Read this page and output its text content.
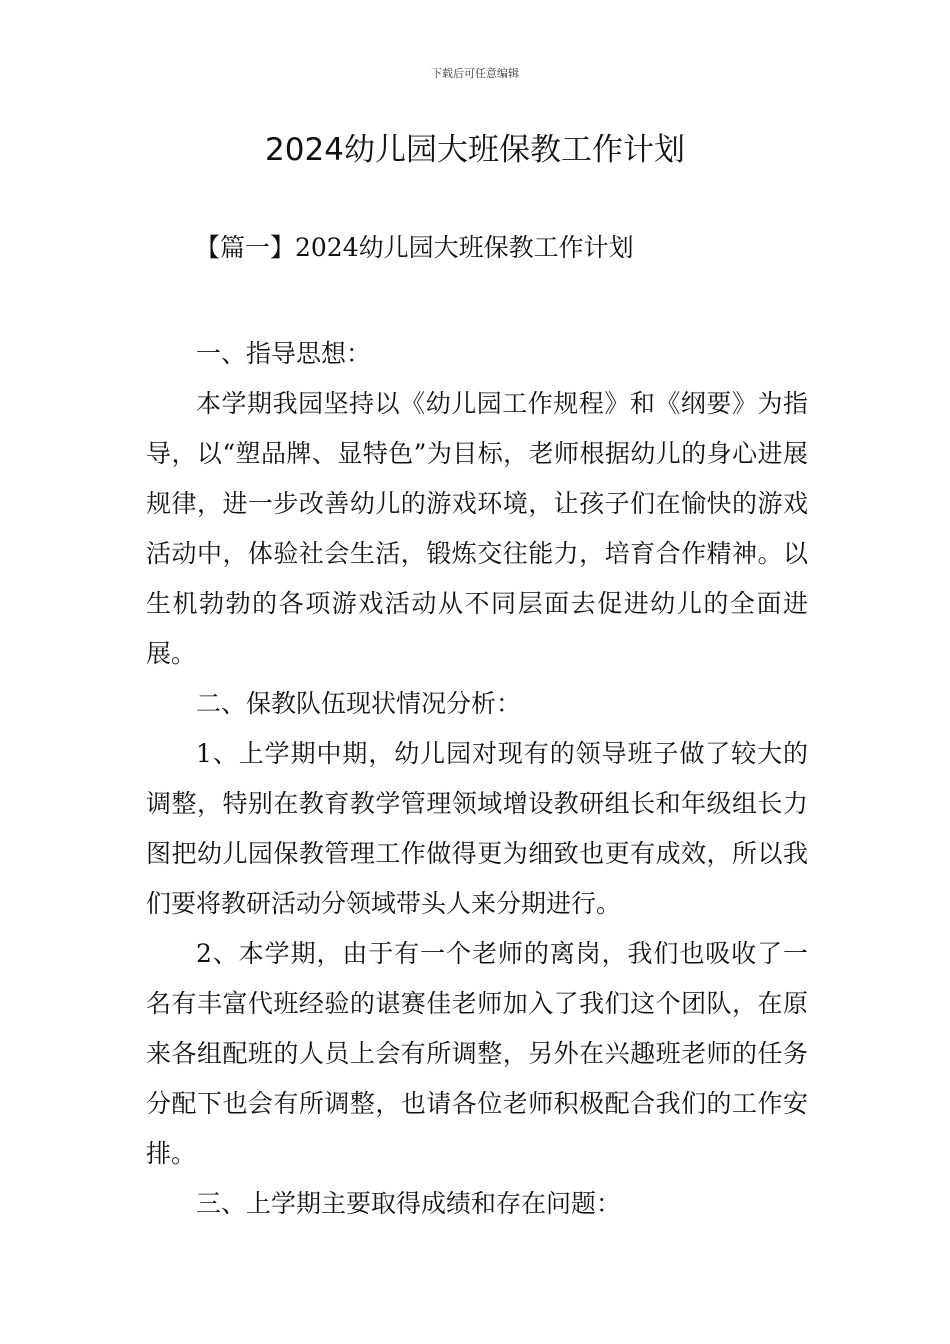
下载后可任意编辑
2024幼儿园大班保教工作计划
【篇一】2024幼儿园大班保教工作计划

一、指导思想：

本学期我园坚持以《幼儿园工作规程》和《纲要》为指导，以“塑品牌、显特色”为目标，老师根据幼儿的身心进展规律，进一步改善幼儿的游戏环境，让孩子们在愉快的游戏活动中，体验社会生活，锻炼交往能力，培育合作精神。以生机勃勃的各项游戏活动从不同层面去促进幼儿的全面进展。

二、保教队伍现状情况分析：

1、上学期中期，幼儿园对现有的领导班子做了较大的调整，特别在教育教学管理领域增设教研组长和年级组长力图把幼儿园保教管理工作做得更为细致也更有成效，所以我们要将教研活动分领域带头人来分期进行。

2、本学期，由于有一个老师的离岗，我们也吸收了一名有丰富代班经验的谌赛佳老师加入了我们这个团队，在原来各组配班的人员上会有所调整，另外在兴趣班老师的任务分配下也会有所调整，也请各位老师积极配合我们的工作安排。

三、上学期主要取得成绩和存在问题：
